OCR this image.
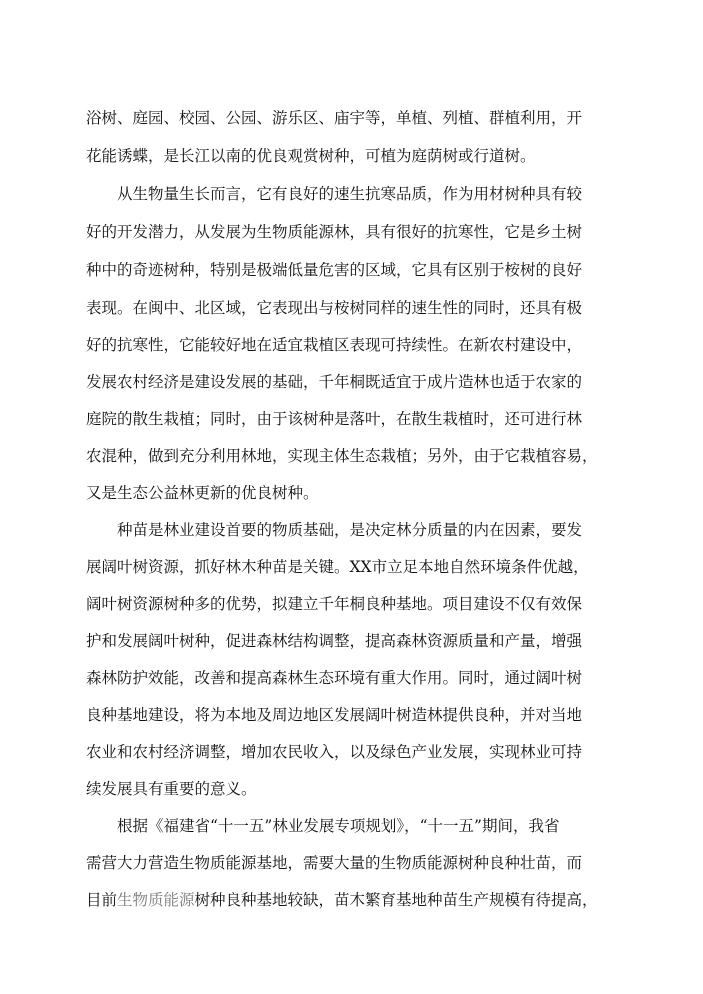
浴树、庭园、校园、公园、游乐区、庙宇等，单植、列植、群植利用，开
花能诱蝶，是长江以南的优良观赏树种，可植为庭荫树或行道树。
从生物量生长而言，它有良好的速生抗寒品质，作为用材树种具有较
好的开发潜力，从发展为生物质能源林，具有很好的抗寒性，它是乡土树
种中的奇迹树种，特别是极端低量危害的区域，它具有区别于桉树的良好
表现。在闽中、北区域，它表现出与桉树同样的速生性的同时，还具有极
好的抗寒性，它能较好地在适宜栽植区表现可持续性。在新农村建设中，
发展农村经济是建设发展的基础，千年桐既适宜于成片造林也适于农家的
庭院的散生栽植；同时，由于该树种是落叶，在散生栽植时，还可进行林
农混种，做到充分利用林地，实现主体生态栽植；另外，由于它栽植容易，
又是生态公益林更新的优良树种。
种苗是林业建设首要的物质基础，是决定林分质量的内在因素，要发
展阔叶树资源，抓好林木种苗是关键。XX市立足本地自然环境条件优越，
阔叶树资源树种多的优势，拟建立千年桐良种基地。项目建设不仅有效保
护和发展阔叶树种，促进森林结构调整，提高森林资源质量和产量，增强
森林防护效能，改善和提高森林生态环境有重大作用。同时，通过阔叶树
良种基地建设，将为本地及周边地区发展阔叶树造林提供良种，并对当地
农业和农村经济调整，增加农民收入，以及绿色产业发展，实现林业可持
续发展具有重要的意义。
根据《福建省“十一五”林业发展专项规划》，“十一五”期间，我省
需营大力营造生物质能源基地，需要大量的生物质能源树种良种壮苗，而
目前生物质能源树种良种基地较缺，苗木繁育基地种苗生产规模有待提高，
